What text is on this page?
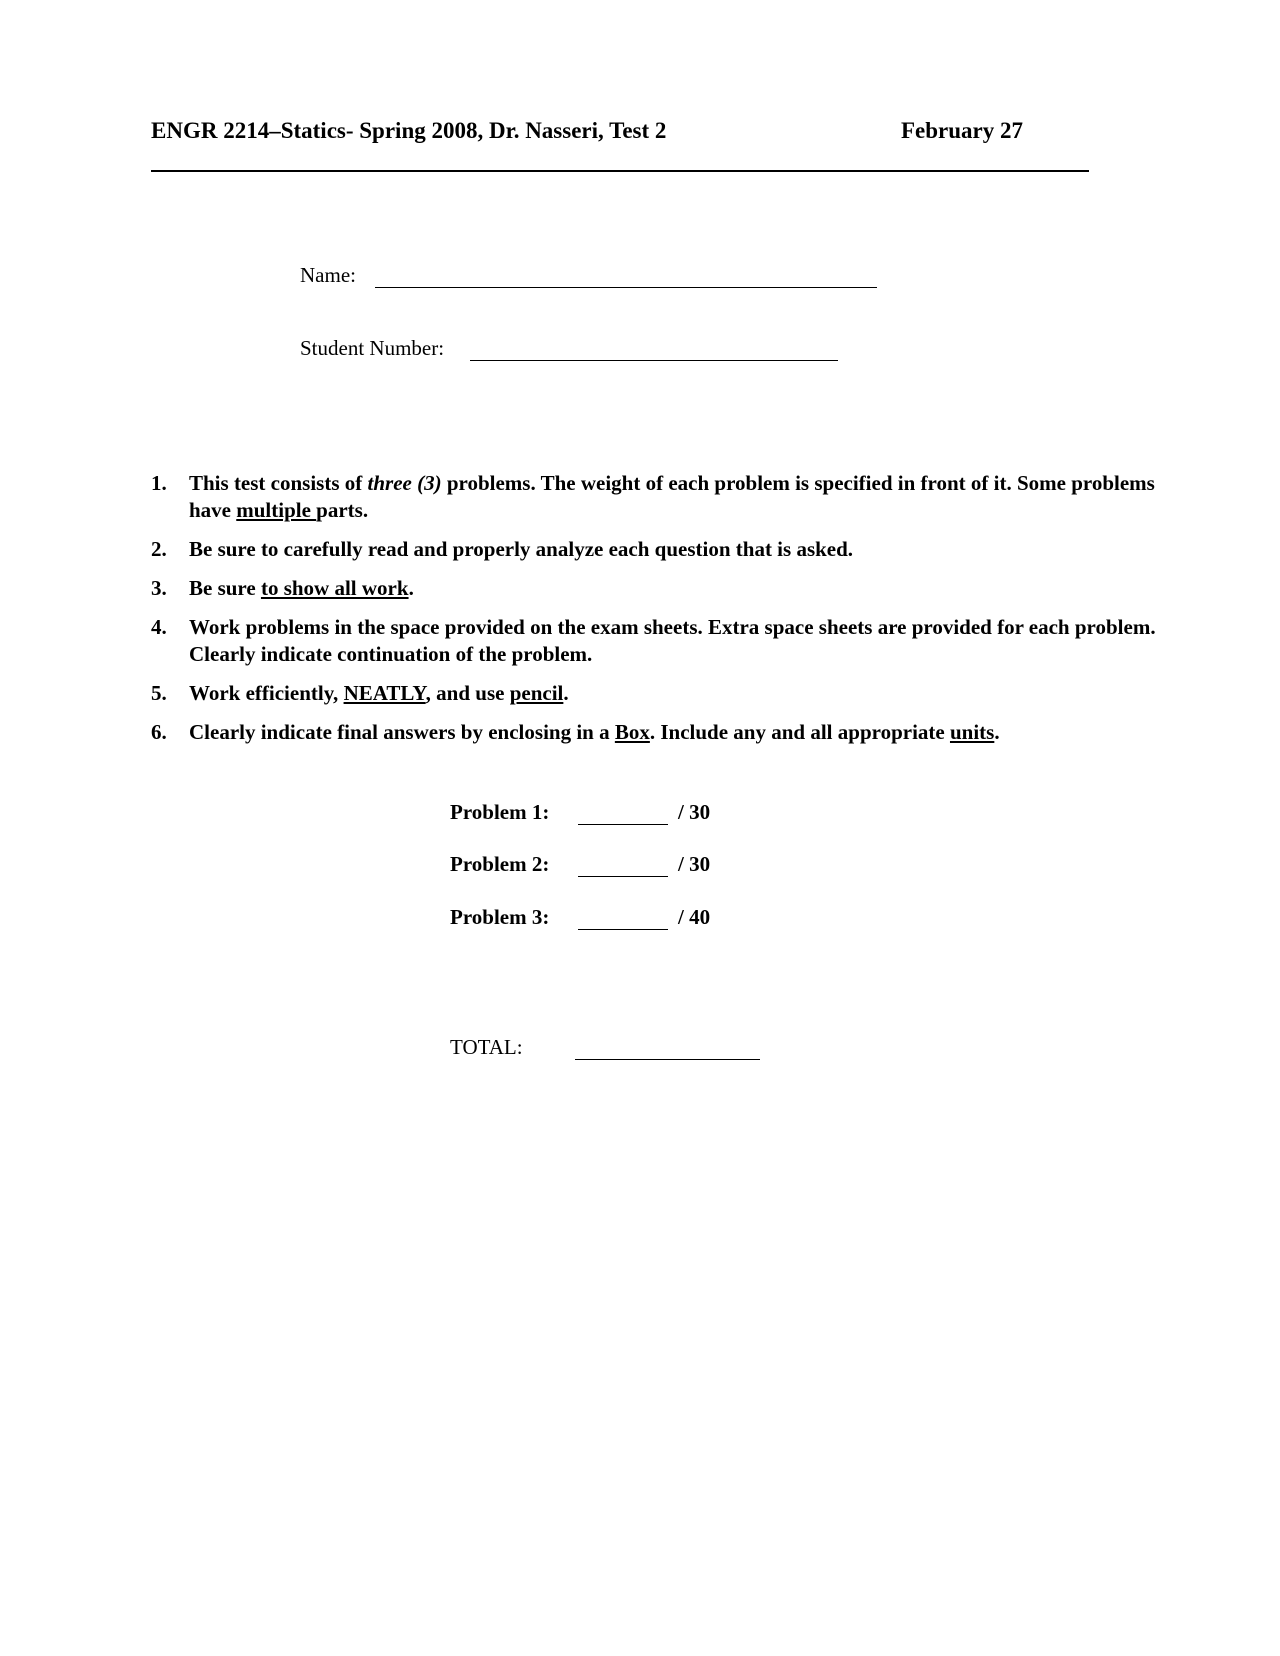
ENGR 2214–Statics- Spring 2008, Dr. Nasseri, Test 2	February 27
Name:
Student Number:
1. This test consists of three (3) problems. The weight of each problem is specified in front of it. Some problems have multiple parts.
2. Be sure to carefully read and properly analyze each question that is asked.
3. Be sure to show all work.
4. Work problems in the space provided on the exam sheets. Extra space sheets are provided for each problem. Clearly indicate continuation of the problem.
5. Work efficiently, NEATLY, and use pencil.
6. Clearly indicate final answers by enclosing in a Box. Include any and all appropriate units.
Problem 1:	/ 30
Problem 2:	/ 30
Problem 3:	/ 40
TOTAL:
